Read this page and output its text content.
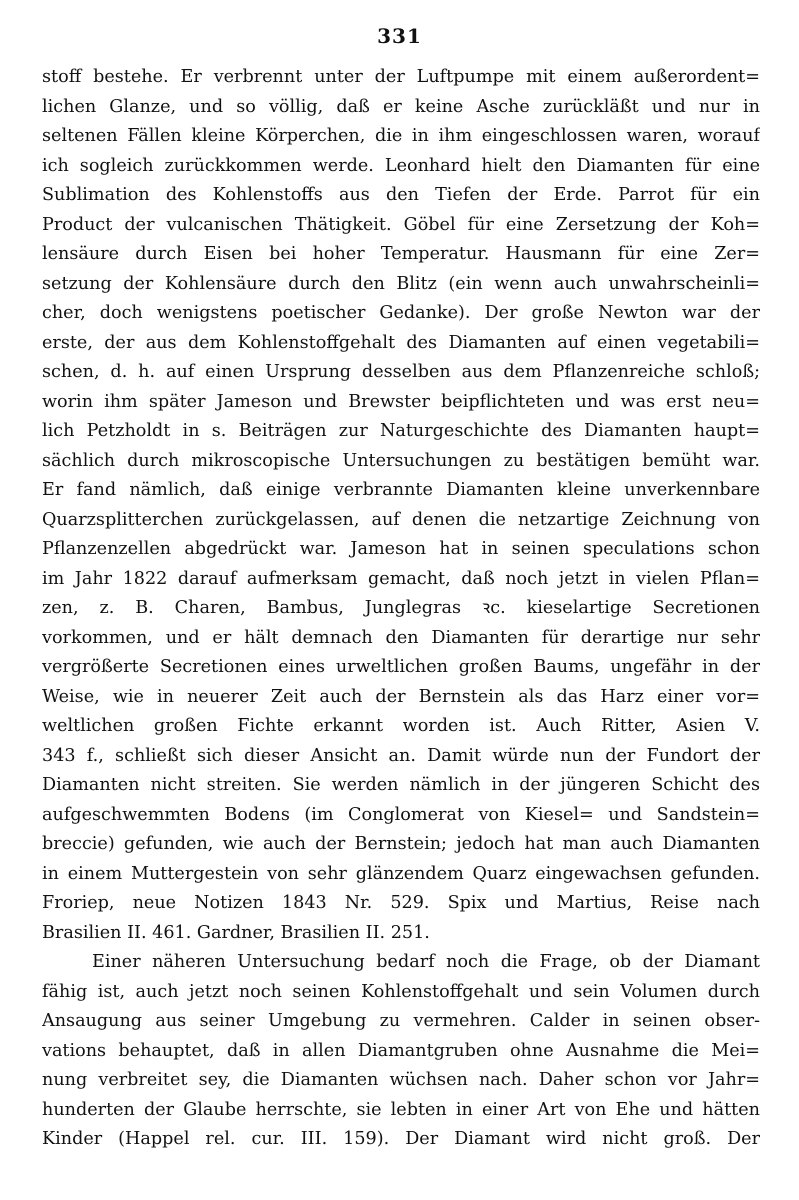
331
stoff bestehe. Er verbrennt unter der Luftpumpe mit einem außerordent=
lichen Glanze, und so völlig, daß er keine Asche zurückläßt und nur in
seltenen Fällen kleine Körperchen, die in ihm eingeschlossen waren, worauf
ich sogleich zurückkommen werde. Leonhard hielt den Diamanten für eine
Sublimation des Kohlenstoffs aus den Tiefen der Erde. Parrot für ein
Product der vulcanischen Thätigkeit. Göbel für eine Zersetzung der Koh=
lensäure durch Eisen bei hoher Temperatur. Hausmann für eine Zer=
setzung der Kohlensäure durch den Blitz (ein wenn auch unwahrscheinli=
cher, doch wenigstens poetischer Gedanke). Der große Newton war der
erste, der aus dem Kohlenstoffgehalt des Diamanten auf einen vegetabili=
schen, d. h. auf einen Ursprung desselben aus dem Pflanzenreiche schloß;
worin ihm später Jameson und Brewster beipflichteten und was erst neu=
lich Petzholdt in s. Beiträgen zur Naturgeschichte des Diamanten haupt=
sächlich durch mikroscopische Untersuchungen zu bestätigen bemüht war.
Er fand nämlich, daß einige verbrannte Diamanten kleine unverkennbare
Quarzsplitterchen zurückgelassen, auf denen die netzartige Zeichnung von
Pflanzenzellen abgedrückt war. Jameson hat in seinen speculations schon
im Jahr 1822 darauf aufmerksam gemacht, daß noch jetzt in vielen Pflan=
zen, z. B. Charen, Bambus, Junglegras ꝛc. kieselartige Secretionen
vorkommen, und er hält demnach den Diamanten für derartige nur sehr
vergrößerte Secretionen eines urweltlichen großen Baums, ungefähr in der
Weise, wie in neuerer Zeit auch der Bernstein als das Harz einer vor=
weltlichen großen Fichte erkannt worden ist. Auch Ritter, Asien V.
343 f., schließt sich dieser Ansicht an. Damit würde nun der Fundort der
Diamanten nicht streiten. Sie werden nämlich in der jüngeren Schicht des
aufgeschwemmten Bodens (im Conglomerat von Kiesel= und Sandstein=
breccie) gefunden, wie auch der Bernstein; jedoch hat man auch Diamanten
in einem Muttergestein von sehr glänzendem Quarz eingewachsen gefunden.
Froriep, neue Notizen 1843 Nr. 529. Spix und Martius, Reise nach
Brasilien II. 461. Gardner, Brasilien II. 251.
Einer näheren Untersuchung bedarf noch die Frage, ob der Diamant
fähig ist, auch jetzt noch seinen Kohlenstoffgehalt und sein Volumen durch
Ansaugung aus seiner Umgebung zu vermehren. Calder in seinen obser-
vations behauptet, daß in allen Diamantgruben ohne Ausnahme die Mei=
nung verbreitet sey, die Diamanten wüchsen nach. Daher schon vor Jahr=
hunderten der Glaube herrschte, sie lebten in einer Art von Ehe und hätten
Kinder (Happel rel. cur. III. 159). Der Diamant wird nicht groß. Der
